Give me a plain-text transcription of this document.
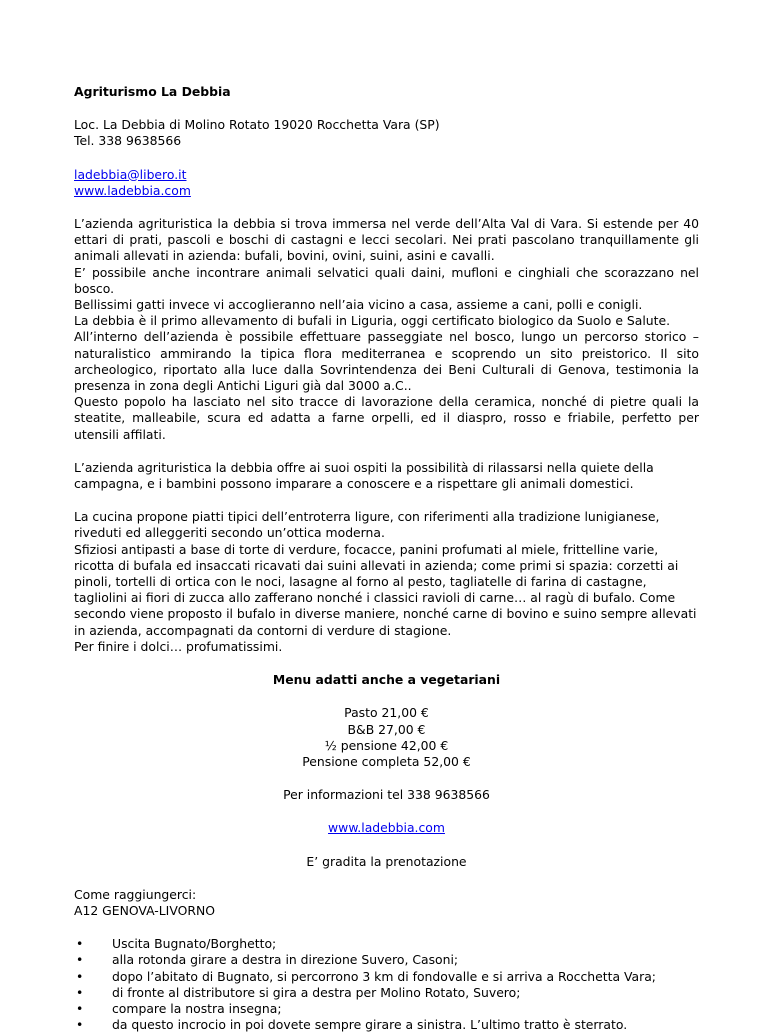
Agriturismo La Debbia

Loc. La Debbia di Molino Rotato 19020 Rocchetta Vara (SP)

Tel. 338 9638566

ladebbia@libero.it

www.ladebbia.com

L’azienda agrituristica la debbia si trova immersa nel verde dell’Alta Val di Vara. Si estende per 40 ettari di prati, pascoli e boschi di castagni e lecci secolari. Nei prati pascolano tranquillamente gli animali allevati in azienda: bufali, bovini, ovini, suini, asini e cavalli.

E’ possibile anche incontrare animali selvatici quali daini, mufloni e cinghiali che scorazzano nel bosco.

Bellissimi gatti invece vi accoglieranno nell’aia vicino a casa, assieme a cani, polli e conigli.

La debbia è il primo allevamento di bufali in Liguria, oggi certificato biologico da Suolo e Salute.

All’interno dell’azienda è possibile effettuare passeggiate nel bosco, lungo un percorso storico – naturalistico ammirando la tipica flora mediterranea e scoprendo un sito preistorico. Il sito archeologico, riportato alla luce dalla Sovrintendenza dei Beni Culturali di Genova, testimonia la presenza in zona degli Antichi Liguri già dal 3000 a.C..

Questo popolo ha lasciato nel sito tracce di lavorazione della ceramica, nonché di pietre quali la steatite, malleabile, scura ed adatta a farne orpelli, ed il diaspro, rosso e friabile, perfetto per utensili affilati.

L’azienda agrituristica la debbia offre ai suoi ospiti la possibilità di rilassarsi nella quiete della campagna, e i bambini possono imparare a conoscere e a rispettare gli animali domestici.

La cucina propone piatti tipici dell’entroterra ligure, con riferimenti alla tradizione lunigianese, riveduti ed alleggeriti secondo un’ottica moderna.

Sfiziosi antipasti a base di torte di verdure, focacce, panini profumati al miele, frittelline varie, ricotta di bufala ed insaccati ricavati dai suini allevati in azienda; come primi si spazia: corzetti ai pinoli, tortelli di ortica con le noci, lasagne al forno al pesto, tagliatelle di farina di castagne, tagliolini ai fiori di zucca allo zafferano nonché i classici ravioli di carne… al ragù di bufalo. Come secondo viene proposto il bufalo in diverse maniere, nonché carne di bovino e suino sempre allevati in azienda, accompagnati da contorni di verdure di stagione.

Per finire i dolci… profumatissimi.

Menu adatti anche a vegetariani

Pasto 21,00 €

B&B 27,00 €

½ pensione 42,00 €

Pensione completa 52,00 €

Per informazioni tel 338 9638566

www.ladebbia.com

E’ gradita la prenotazione

Come raggiungerci:

A12 GENOVA-LIVORNO

• Uscita Bugnato/Borghetto;
• alla rotonda girare a destra in direzione Suvero, Casoni;
• dopo l’abitato di Bugnato, si percorrono 3 km di fondovalle e si arriva a Rocchetta Vara;
• di fronte al distributore si gira a destra per Molino Rotato, Suvero;
• compare la nostra insegna;
• da questo incrocio in poi dovete sempre girare a sinistra. L’ultimo tratto è sterrato.
